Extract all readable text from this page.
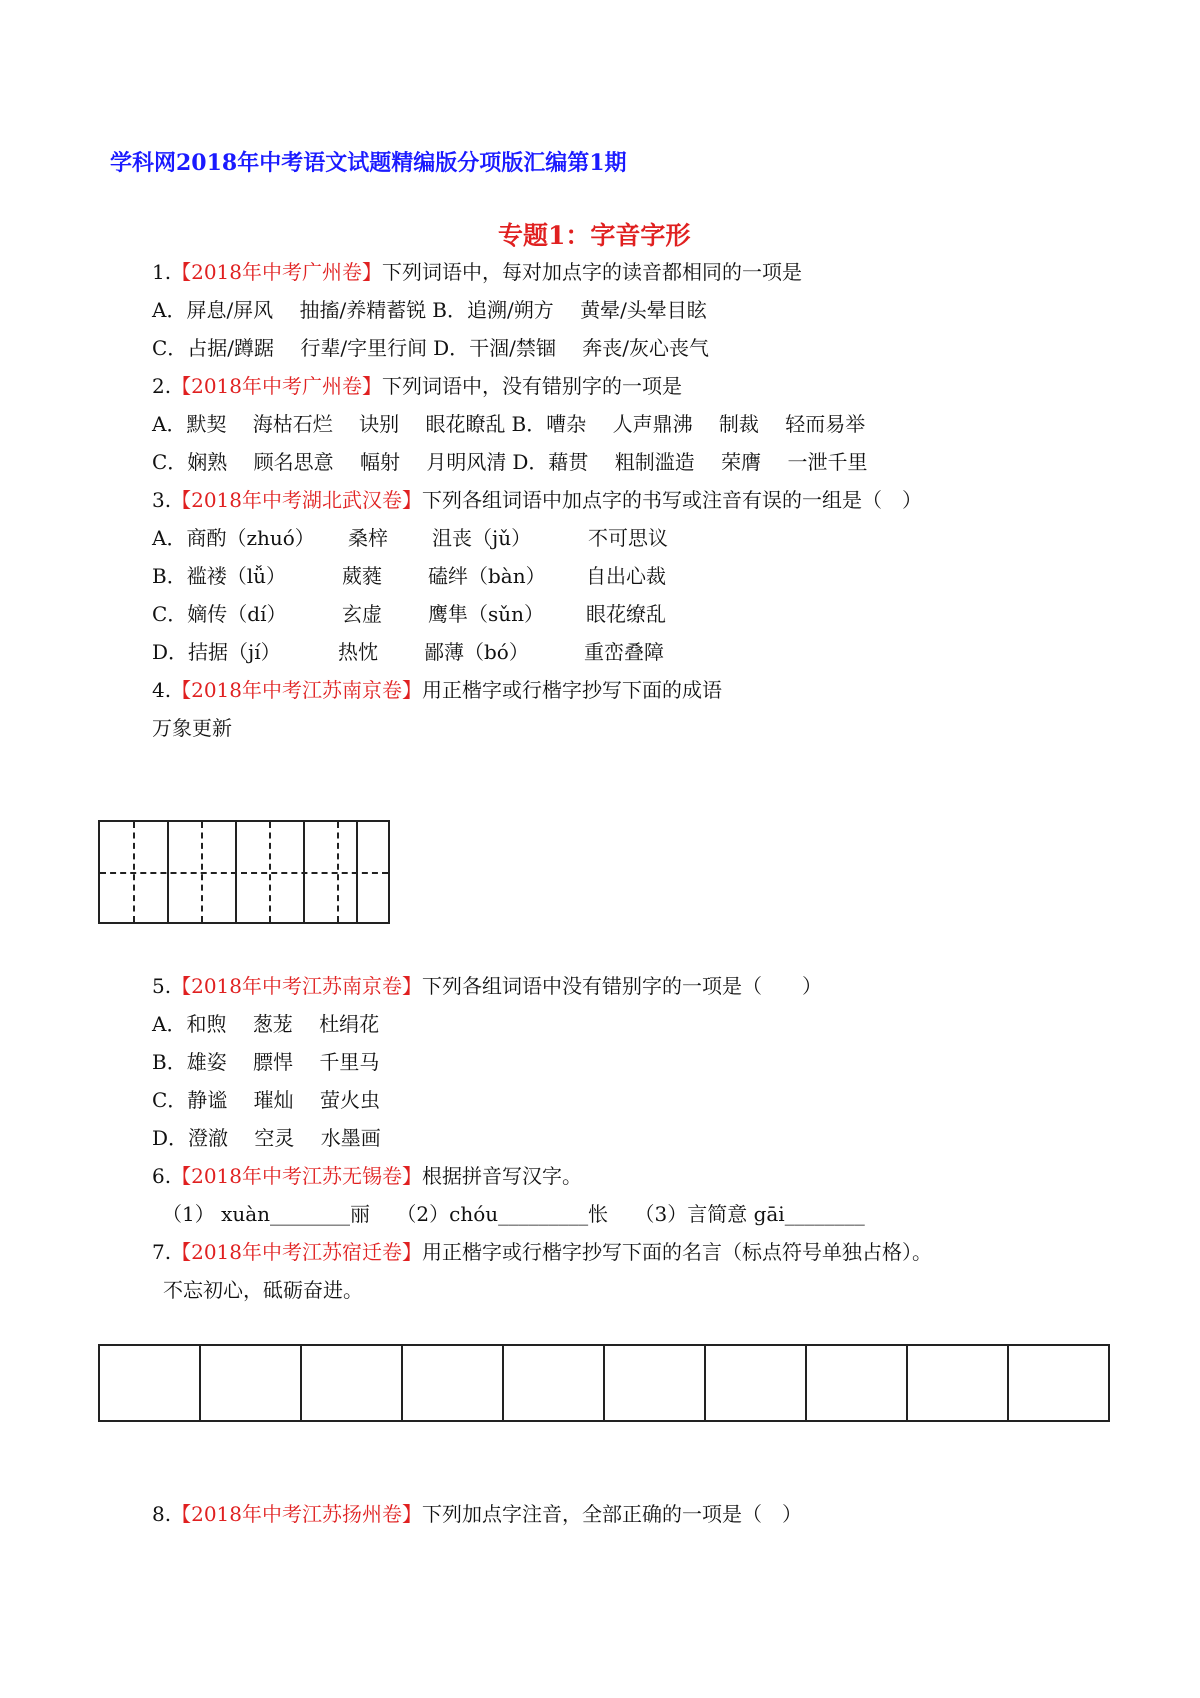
学科网2018年中考语文试题精编版分项版汇编第1期
专题1：字音字形
1.【2018年中考广州卷】下列词语中，每对加点字的读音都相同的一项是
A．屏息/屏风　 抽搐/养精蓄锐 B．追溯/朔方　 黄晕/头晕目眩
C．占据/蹲踞　 行辈/字里行间 D．干涸/禁锢　 奔丧/灰心丧气
2.【2018年中考广州卷】下列词语中，没有错别字的一项是
A．默契　 海枯石烂　 诀别　 眼花瞭乱 B．嘈杂　 人声鼎沸　 制裁　 轻而易举
C．娴熟　 顾名思意　 幅射　 月明风清 D．藉贯　 粗制滥造　 荣膺　 一泄千里
3.【2018年中考湖北武汉卷】下列各组词语中加点字的书写或注音有误的一组是（　）
A．商酌（zhuó） 桑梓 沮丧（jǔ）	不可思议
B．褴褛（lǚ）	葳蕤 磕绊（bàn） 自出心裁
C．嫡传（dí）	玄虚 鹰隼（sǔn） 眼花缭乱
D．拮据（jí）	热忱 鄙薄（bó）	重峦叠障
4.【2018年中考江苏南京卷】用正楷字或行楷字抄写下面的成语
万象更新
5.【2018年中考江苏南京卷】下列各组词语中没有错别字的一项是（　　）
A．和煦　 葱茏　 杜绢花
B．雄姿　 膘悍　 千里马
C．静谧　 璀灿　 萤火虫
D．澄澈　 空灵　 水墨画
6.【2018年中考江苏无锡卷】根据拼音写汉字。
（1） xuàn________丽　 （2）chóu_________怅　 （3）言简意 gāi________
7.【2018年中考江苏宿迁卷】用正楷字或行楷字抄写下面的名言（标点符号单独占格）。
不忘初心，砥砺奋进。
8.【2018年中考江苏扬州卷】下列加点字注音，全部正确的一项是（　）
